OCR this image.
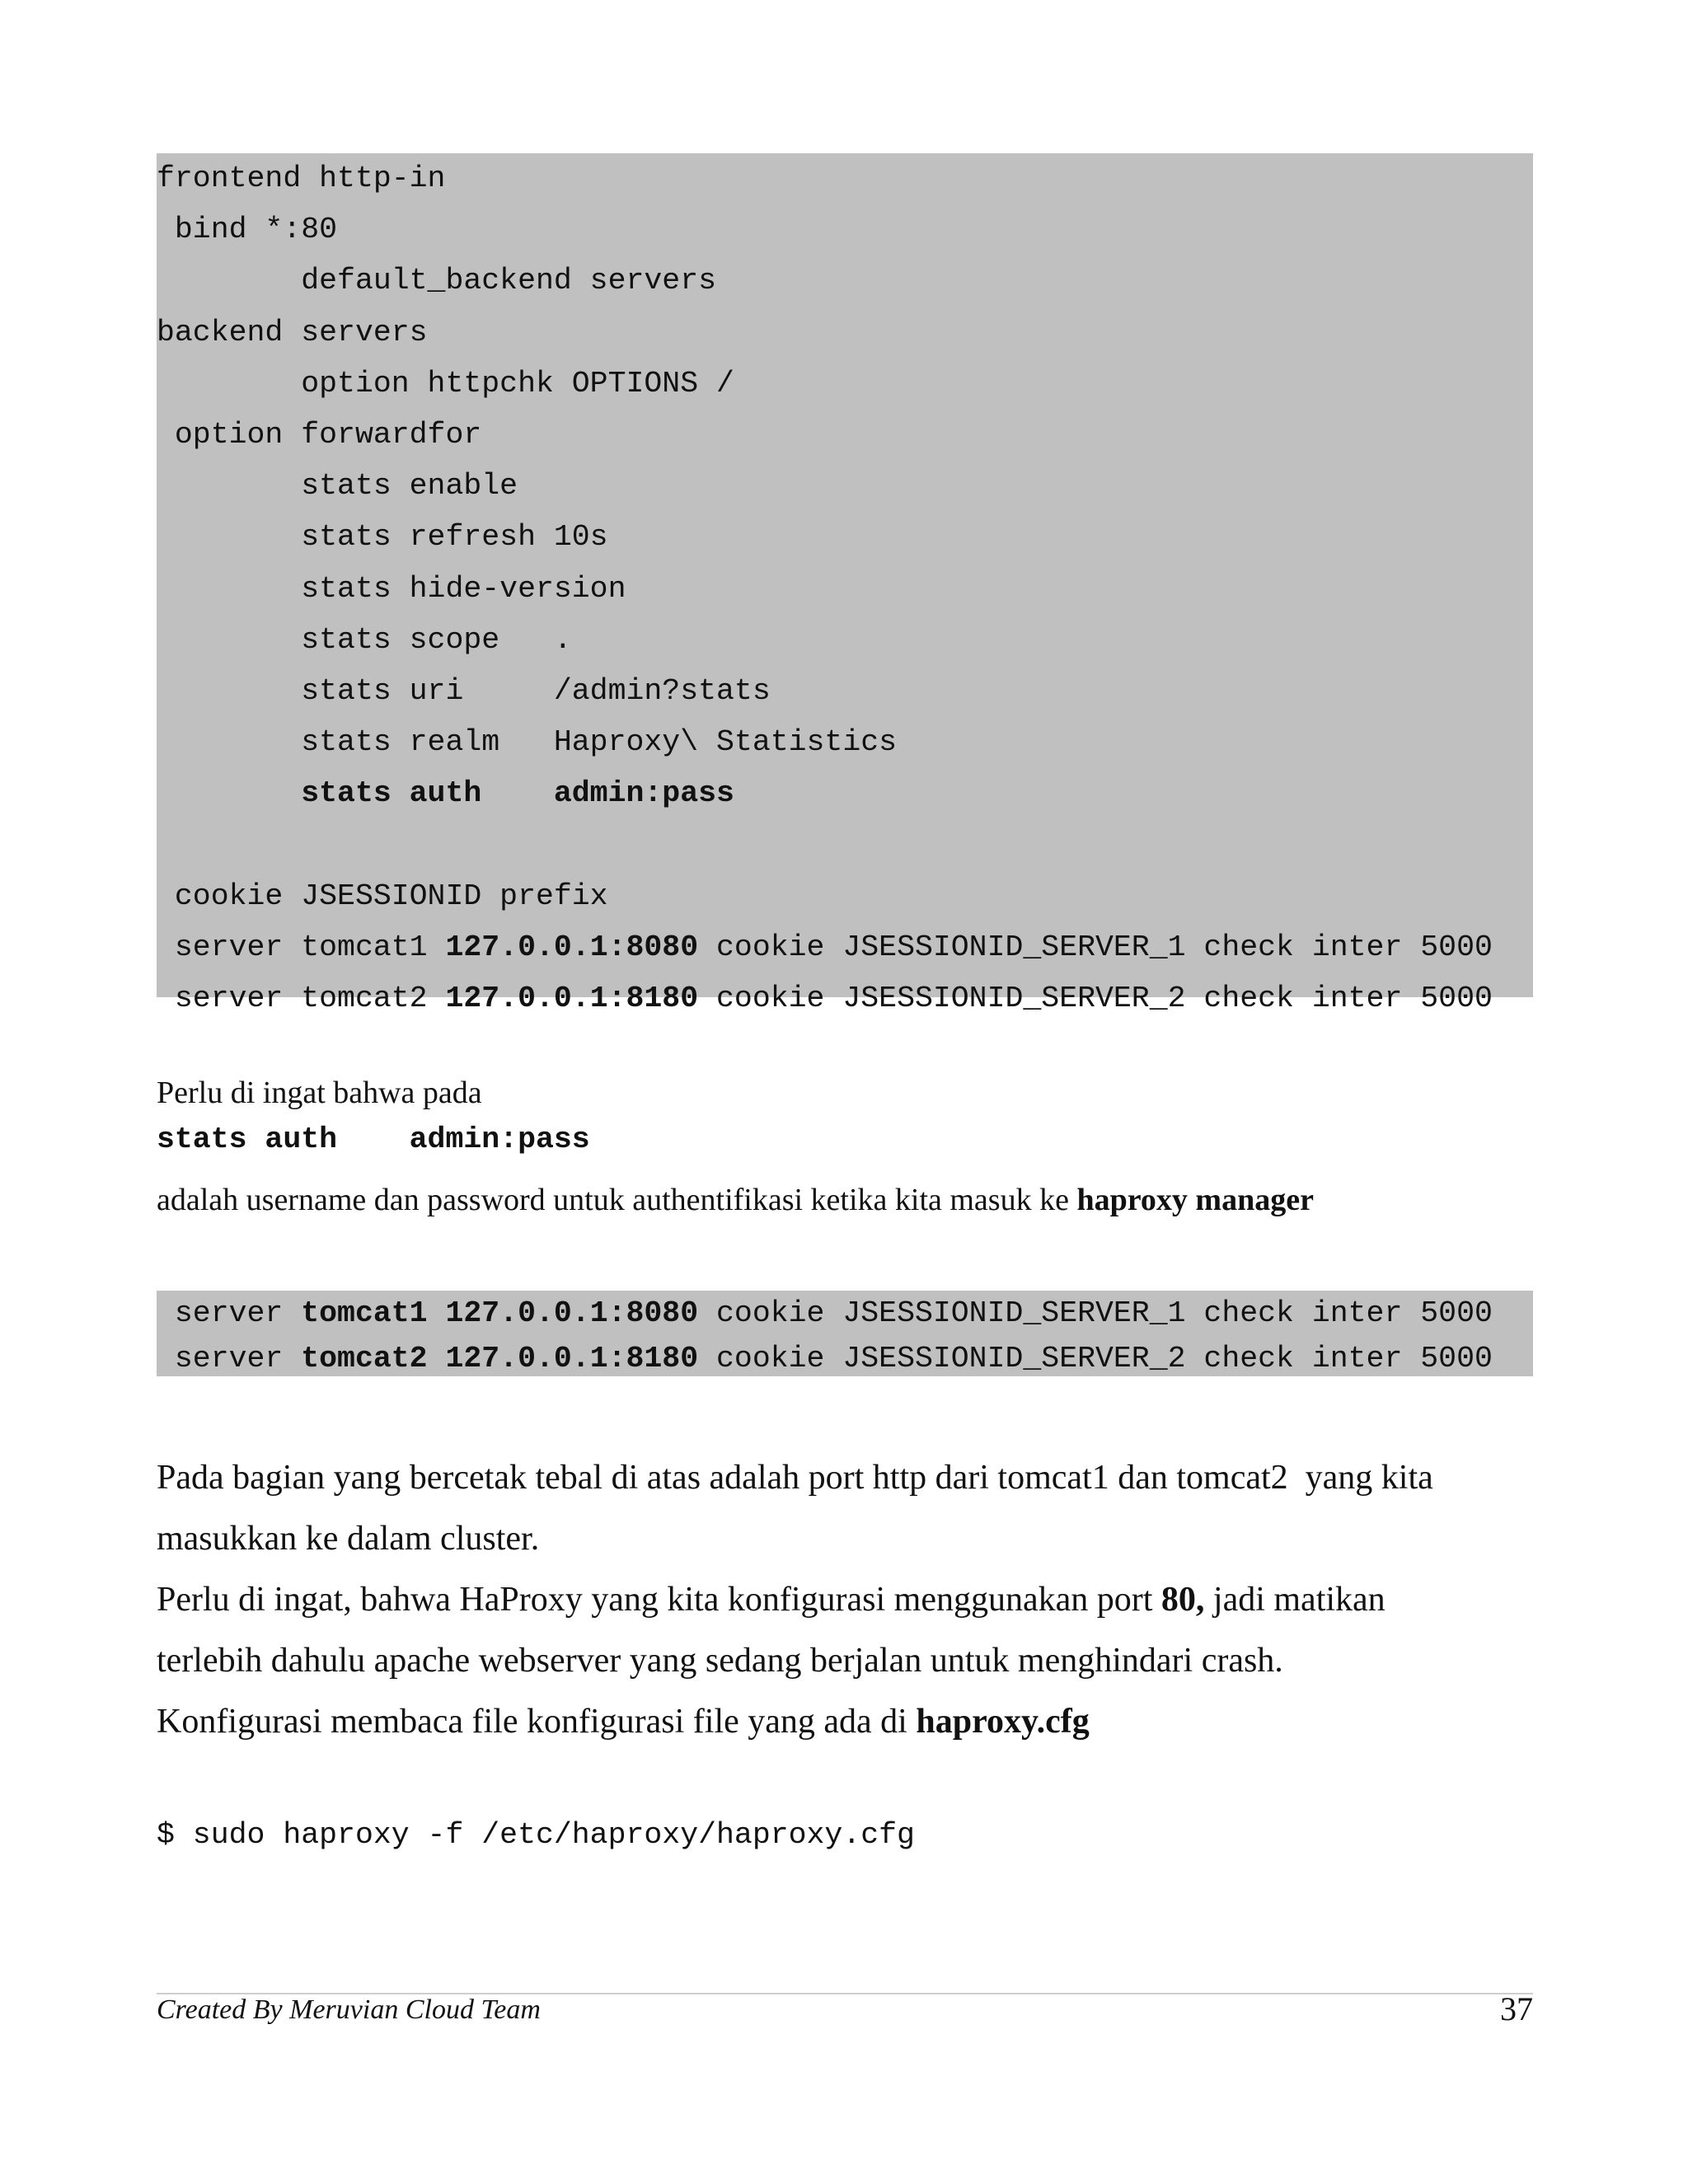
frontend http-in
bind *:80
default_backend servers
backend servers
option httpchk OPTIONS /
option forwardfor
stats enable
stats refresh 10s
stats hide-version
stats scope   .
stats uri     /admin?stats
stats realm   Haproxy\ Statistics
stats auth    admin:pass
cookie JSESSIONID prefix
server tomcat1 127.0.0.1:8080 cookie JSESSIONID_SERVER_1 check inter 5000
server tomcat2 127.0.0.1:8180 cookie JSESSIONID_SERVER_2 check inter 5000
Perlu di ingat bahwa pada
stats auth    admin:pass
adalah username dan password untuk authentifikasi ketika kita masuk ke haproxy manager
server tomcat1 127.0.0.1:8080 cookie JSESSIONID_SERVER_1 check inter 5000
server tomcat2 127.0.0.1:8180 cookie JSESSIONID_SERVER_2 check inter 5000
Pada bagian yang bercetak tebal di atas adalah port http dari tomcat1 dan tomcat2  yang kita
masukkan ke dalam cluster.
Perlu di ingat, bahwa HaProxy yang kita konfigurasi menggunakan port 80, jadi matikan
terlebih dahulu apache webserver yang sedang berjalan untuk menghindari crash.
Konfigurasi membaca file konfigurasi file yang ada di haproxy.cfg
$ sudo haproxy -f /etc/haproxy/haproxy.cfg
Created By Meruvian Cloud Team	37
